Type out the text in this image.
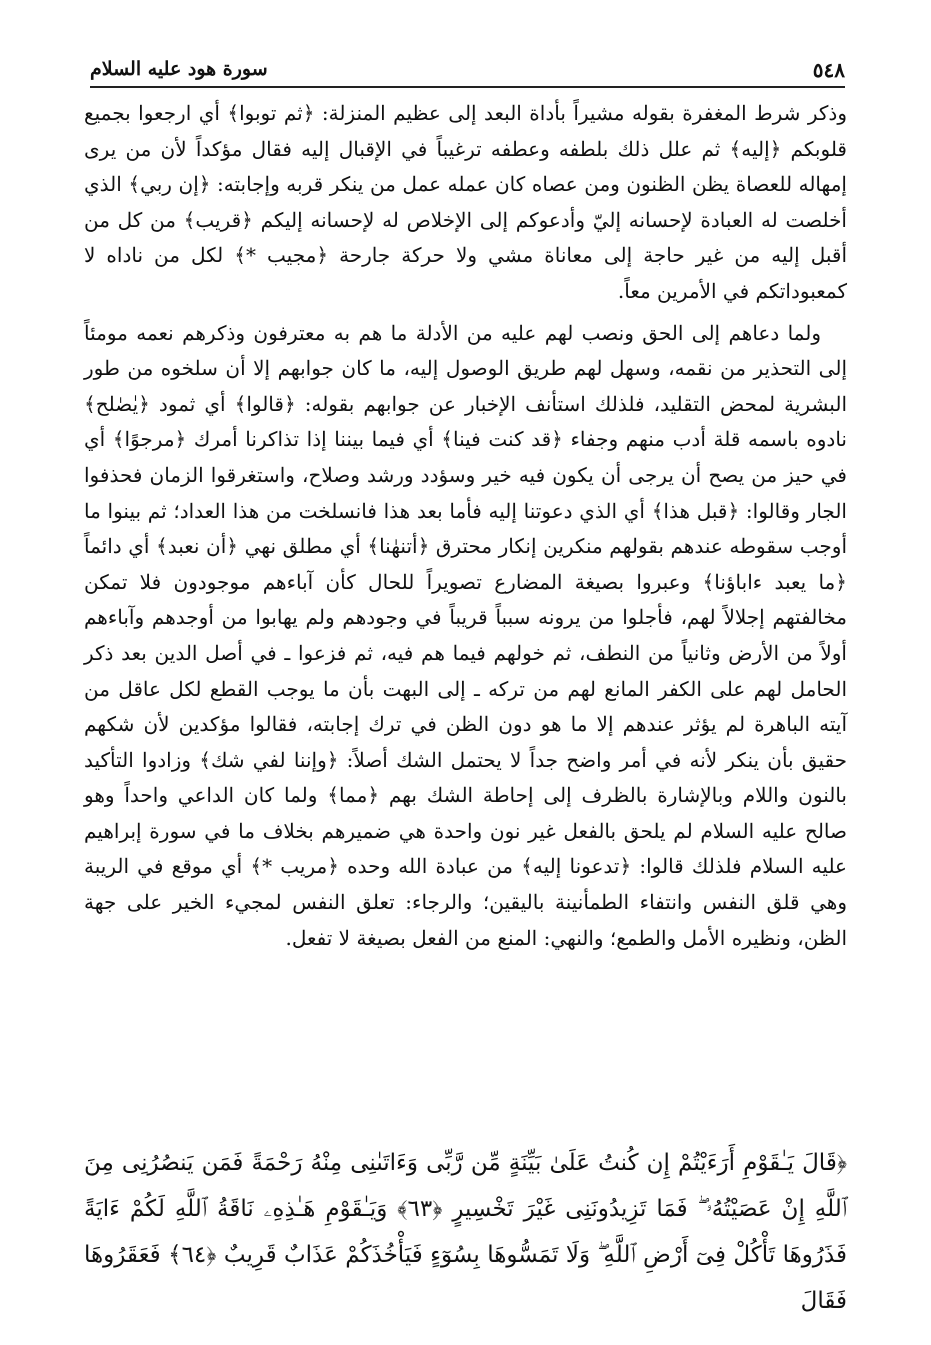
٥٤٨
سورة هود عليه السلام

وذكر شرط المغفرة بقوله مشيراً بأداة البعد إلى عظيم المنزلة: ﴿ثم توبوا﴾ أي ارجعوا بجميع قلوبكم ﴿إليه﴾ ثم علل ذلك بلطفه وعطفه ترغيباً في الإقبال إليه فقال مؤكداً لأن من يرى إمهاله للعصاة يظن الظنون ومن عصاه كان عمله عمل من ينكر قربه وإجابته: ﴿إن ربي﴾ الذي أخلصت له العبادة لإحسانه إليّ وأدعوكم إلى الإخلاص له لإحسانه إليكم ﴿قريب﴾ من كل من أقبل إليه من غير حاجة إلى معاناة مشي ولا حركة جارحة ﴿مجيب *﴾ لكل من ناداه لا كمعبوداتكم في الأمرين معاً.

ولما دعاهم إلى الحق ونصب لهم عليه من الأدلة ما هم به معترفون وذكرهم نعمه مومئاً إلى التحذير من نقمه، وسهل لهم طريق الوصول إليه، ما كان جوابهم إلا أن سلخوه من طور البشرية لمحض التقليد، فلذلك استأنف الإخبار عن جوابهم بقوله: ﴿قالوا﴾ أي ثمود ﴿يٰصٰلح﴾ نادوه باسمه قلة أدب منهم وجفاء ﴿قد كنت فينا﴾ أي فيما بيننا إذا تذاكرنا أمرك ﴿مرجوًا﴾ أي في حيز من يصح أن يرجى أن يكون فيه خير وسؤدد ورشد وصلاح، واستغرقوا الزمان فحذفوا الجار وقالوا: ﴿قبل هذا﴾ أي الذي دعوتنا إليه فأما بعد هذا فانسلخت من هذا العداد؛ ثم بينوا ما أوجب سقوطه عندهم بقولهم منكرين إنكار محترق ﴿أتنهٰنا﴾ أي مطلق نهي ﴿أن نعبد﴾ أي دائماً ﴿ما يعبد ءاباؤنا﴾ وعبروا بصيغة المضارع تصويراً للحال كأن آباءهم موجودون فلا تمكن مخالفتهم إجلالاً لهم، فأجلوا من يرونه سبباً قريباً في وجودهم ولم يهابوا من أوجدهم وآباءهم أولاً من الأرض وثانياً من النطف، ثم خولهم فيما هم فيه، ثم فزعوا ـ في أصل الدين بعد ذكر الحامل لهم على الكفر المانع لهم من تركه ـ إلى البهت بأن ما يوجب القطع لكل عاقل من آيته الباهرة لم يؤثر عندهم إلا ما هو دون الظن في ترك إجابته، فقالوا مؤكدين لأن شكهم حقيق بأن ينكر لأنه في أمر واضح جداً لا يحتمل الشك أصلاً: ﴿وإننا لفي شك﴾ وزادوا التأكيد بالنون واللام وبالإشارة بالظرف إلى إحاطة الشك بهم ﴿مما﴾ ولما كان الداعي واحداً وهو صالح عليه السلام لم يلحق بالفعل غير نون واحدة هي ضميرهم بخلاف ما في سورة إبراهيم عليه السلام فلذلك قالوا: ﴿تدعونا إليه﴾ من عبادة الله وحده ﴿مريب *﴾ أي موقع في الريبة وهي قلق النفس وانتفاء الطمأنينة باليقين؛ والرجاء: تعلق النفس لمجيء الخير على جهة الظن، ونظيره الأمل والطمع؛ والنهي: المنع من الفعل بصيغة لا تفعل.

﴿قَالَ يَـٰقَوْمِ أَرَءَيْتُمْ إِن كُنتُ عَلَىٰ بَيِّنَةٍ مِّن رَّبِّى وَءَاتَىٰنِى مِنْهُ رَحْمَةً فَمَن يَنصُرُنِى مِنَ ٱللَّهِ إِنْ عَصَيْتُهُۥ ۖ فَمَا تَزِيدُونَنِى غَيْرَ تَخْسِيرٍ ﴿٦٣﴾ وَيَـٰقَوْمِ هَـٰذِهِۦ نَاقَةُ ٱللَّهِ لَكُمْ ءَايَةً فَذَرُوهَا تَأْكُلْ فِىٓ أَرْضِ ٱللَّهِ ۖ وَلَا تَمَسُّوهَا بِسُوٓءٍ فَيَأْخُذَكُمْ عَذَابٌ قَرِيبٌ ﴿٦٤﴾ فَعَقَرُوهَا فَقَالَ
